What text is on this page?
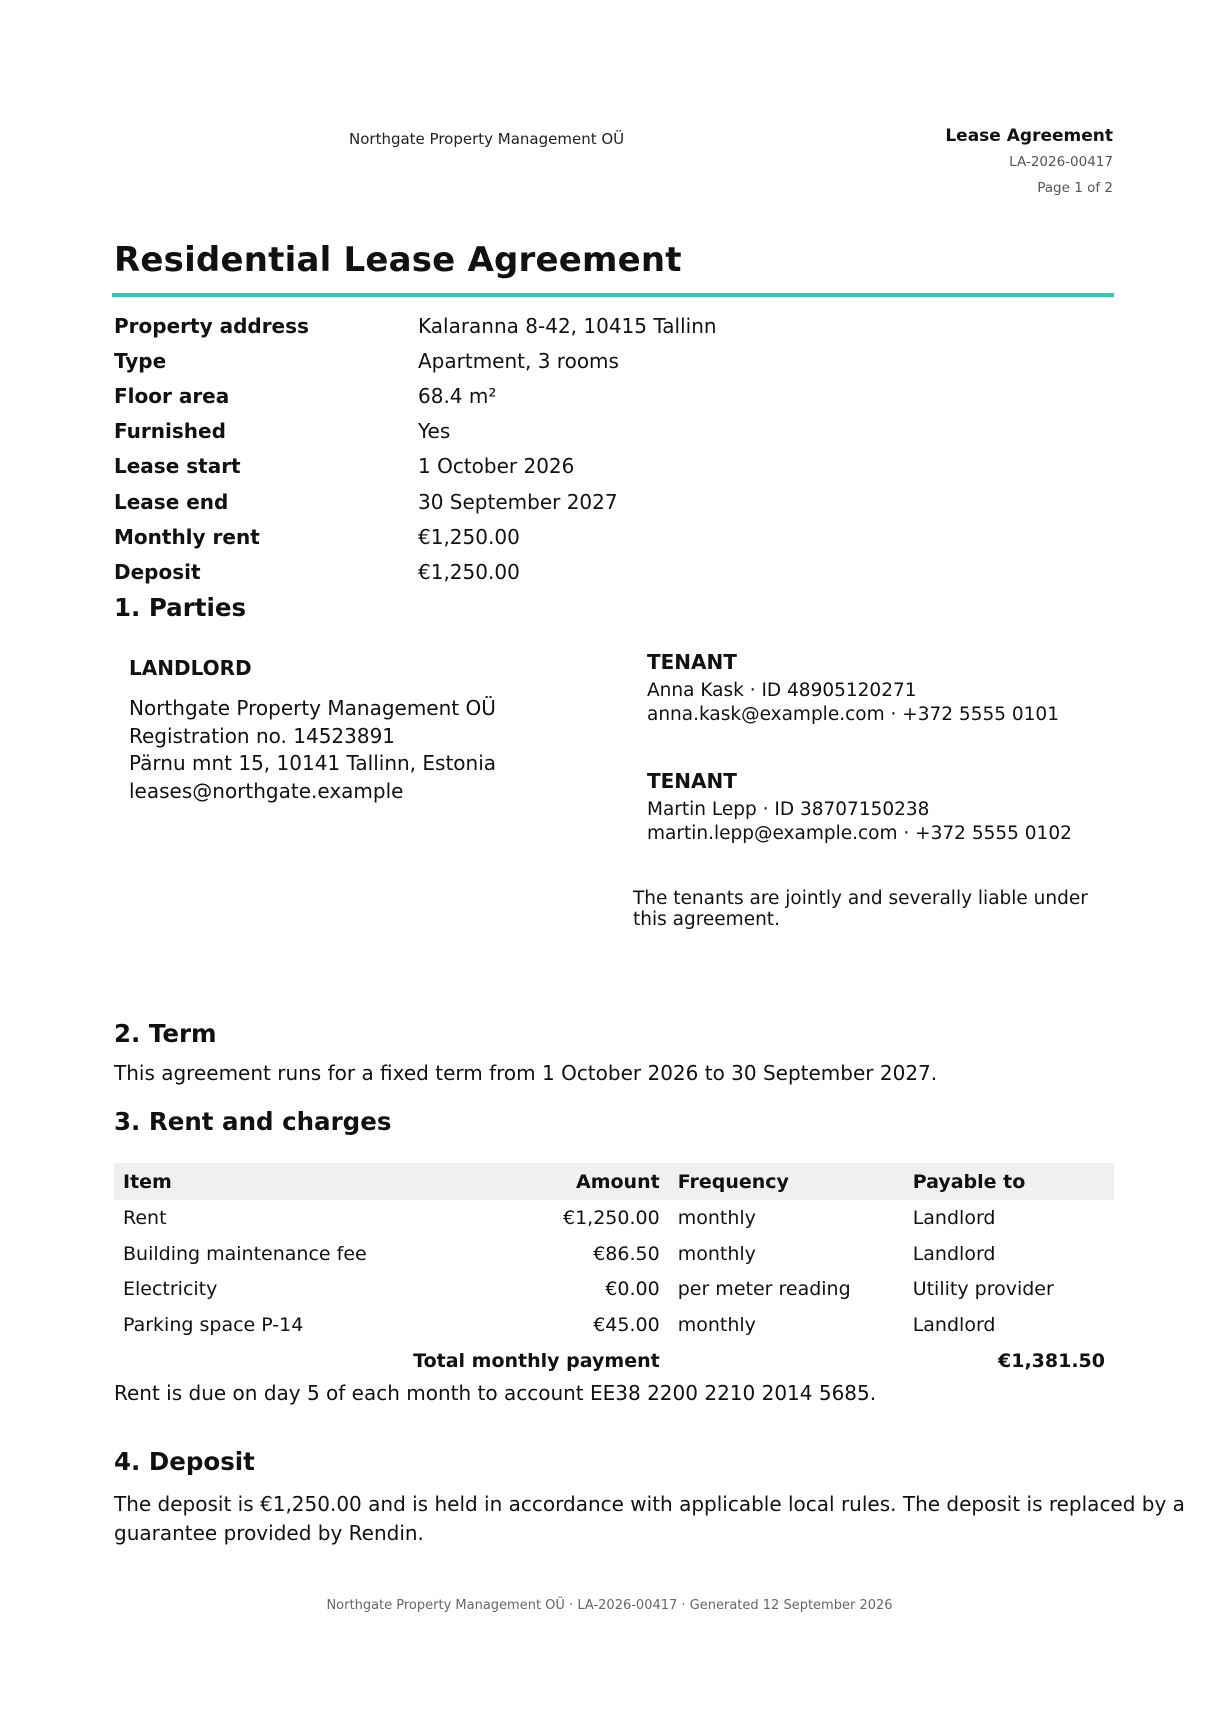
Northgate Property Management OÜ	Lease Agreement
LA-2026-00417
Page 1 of 2
Residential Lease Agreement
Property address	Kalaranna 8-42, 10415 Tallinn
Type	Apartment, 3 rooms
Floor area	68.4 m²
Furnished	Yes
Lease start	1 October 2026
Lease end	30 September 2027
Monthly rent	€1,250.00
Deposit	€1,250.00
1. Parties
LANDLORD
Northgate Property Management OÜ
Registration no. 14523891
Pärnu mnt 15, 10141 Tallinn, Estonia
leases@northgate.example
TENANT
Anna Kask · ID 48905120271
anna.kask@example.com · +372 5555 0101
TENANT
Martin Lepp · ID 38707150238
martin.lepp@example.com · +372 5555 0102
The tenants are jointly and severally liable under this agreement.
2. Term
This agreement runs for a fixed term from 1 October 2026 to 30 September 2027.
3. Rent and charges
Item	Amount	Frequency	Payable to
Rent	€1,250.00	monthly	Landlord
Building maintenance fee	€86.50	monthly	Landlord
Electricity	€0.00	per meter reading	Utility provider
Parking space P-14	€45.00	monthly	Landlord
Total monthly payment		€1,381.50	
Rent is due on day 5 of each month to account EE38 2200 2210 2014 5685.
4. Deposit
The deposit is €1,250.00 and is held in accordance with applicable local rules. The deposit is replaced by a
guarantee provided by Rendin.
Northgate Property Management OÜ · LA-2026-00417 · Generated 12 September 2026
